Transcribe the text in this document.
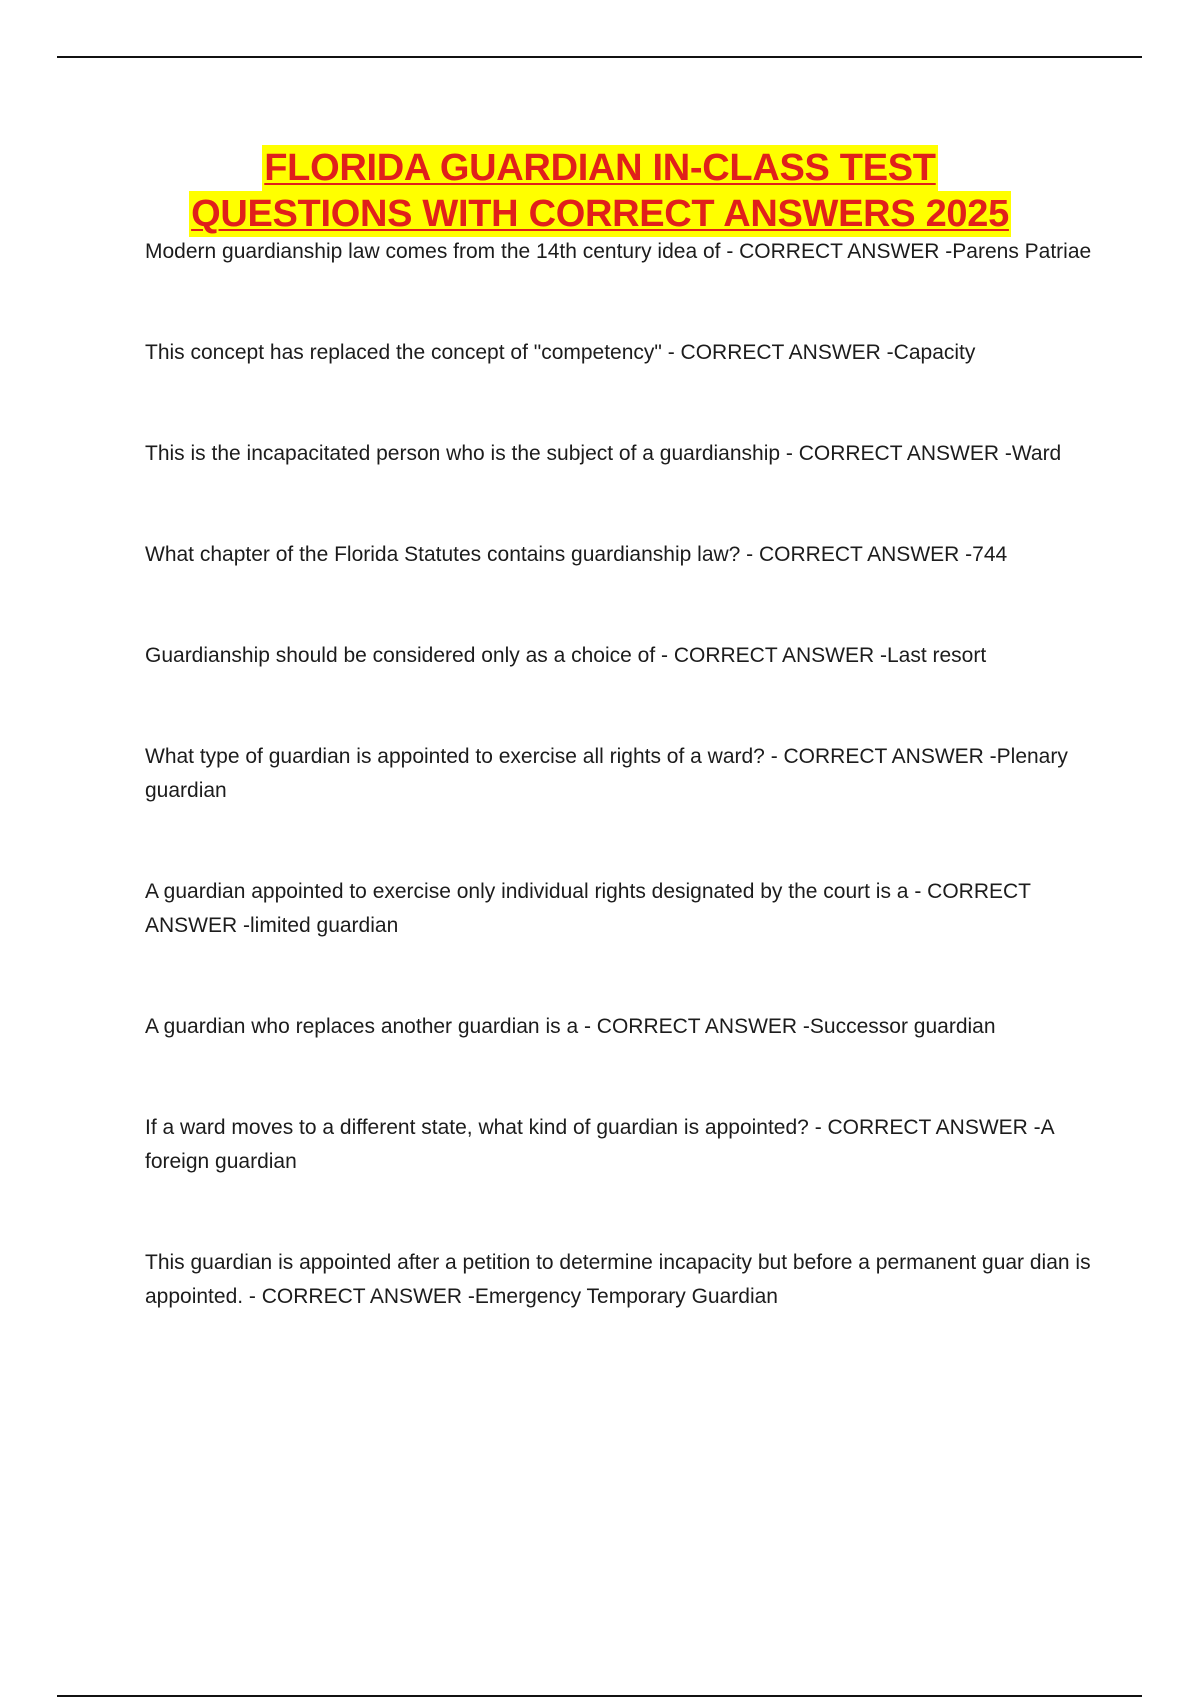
FLORIDA GUARDIAN IN-CLASS TEST
QUESTIONS WITH CORRECT ANSWERS 2025
Modern guardianship law comes from the 14th century idea of - CORRECT ANSWER -Parens Patriae
This concept has replaced the concept of "competency" - CORRECT ANSWER -Capacity
This is the incapacitated person who is the subject of a guardianship - CORRECT ANSWER -Ward
What chapter of the Florida Statutes contains guardianship law? - CORRECT ANSWER -744
Guardianship should be considered only as a choice of - CORRECT ANSWER -Last resort
What type of guardian is appointed to exercise all rights of a ward? - CORRECT ANSWER -Plenary guardian
A guardian appointed to exercise only individual rights designated by the court is a - CORRECT ANSWER -limited guardian
A guardian who replaces another guardian is a - CORRECT ANSWER -Successor guardian
If a ward moves to a different state, what kind of guardian is appointed? - CORRECT ANSWER -A foreign guardian
This guardian is appointed after a petition to determine incapacity but before a permanent guar dian is appointed. - CORRECT ANSWER -Emergency Temporary Guardian
